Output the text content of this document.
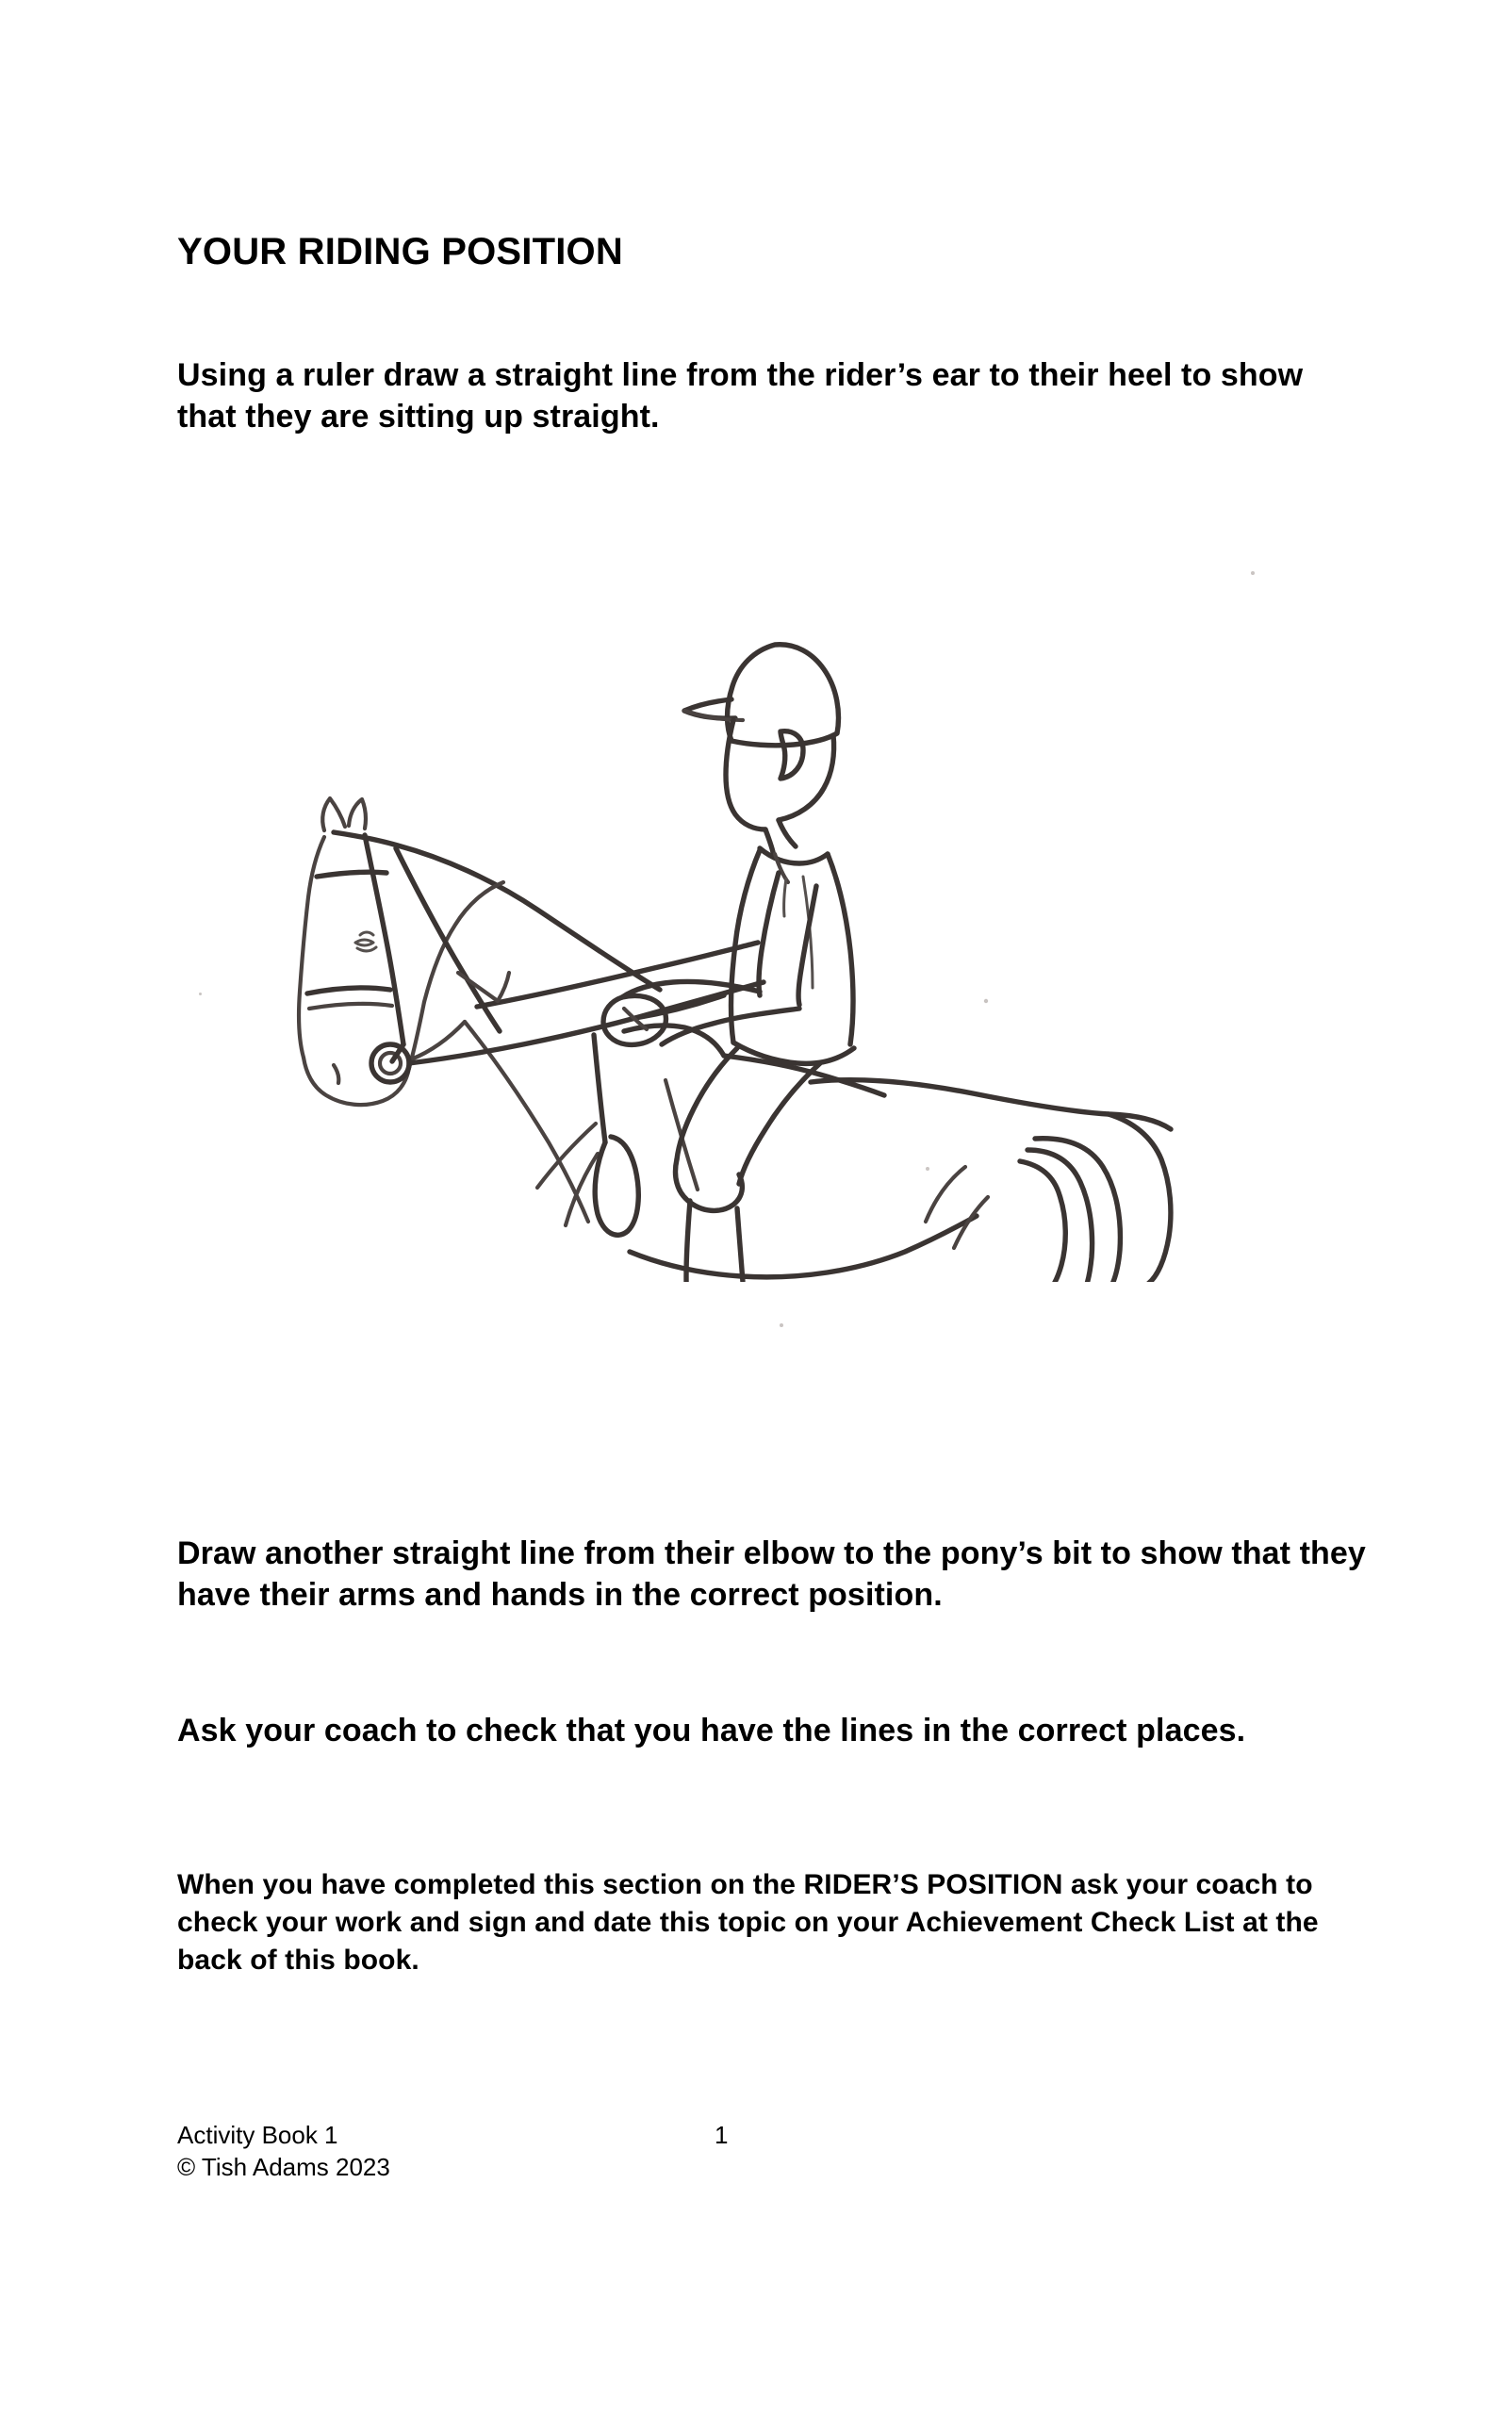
YOUR RIDING POSITION

Using a ruler draw a straight line from the rider’s ear to their heel to show that they are sitting up straight.

Draw another straight line from their elbow to the pony’s bit to show that they have their arms and hands in the correct position.

Ask your coach to check that you have the lines in the correct places.

When you have completed this section on the RIDER’S POSITION ask your coach to check your work and sign and date this topic on your Achievement Check List at the back of this book.

Activity Book 1	1
© Tish Adams 2023
